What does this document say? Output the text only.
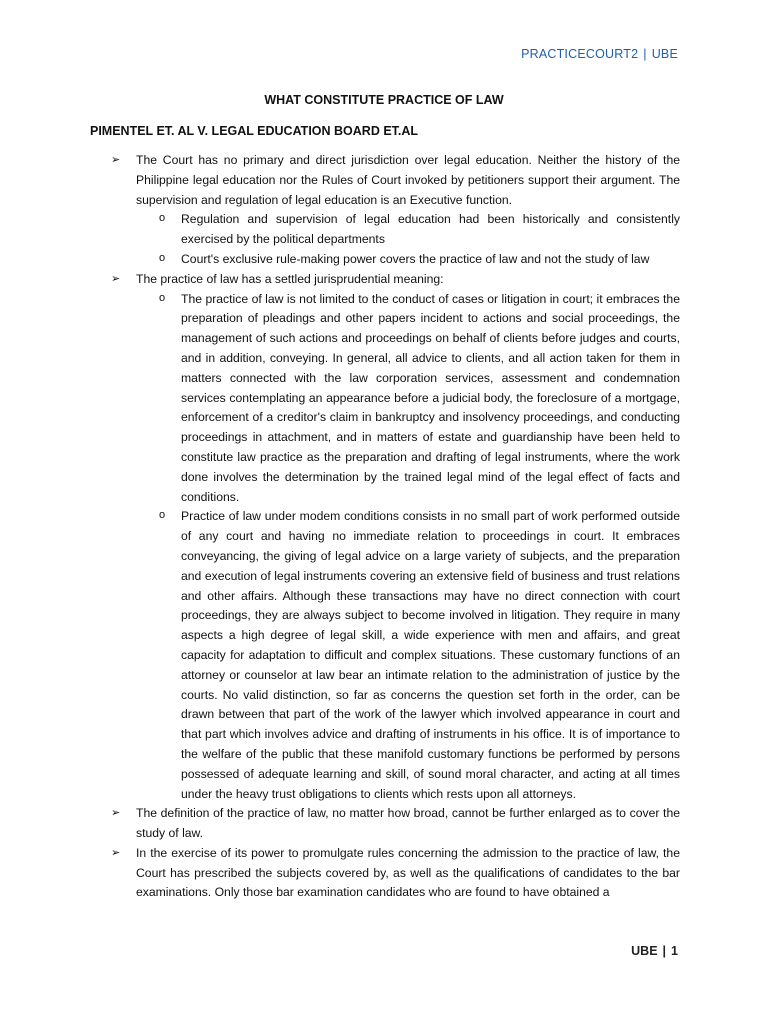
PRACTICECOURT2 | UBE
WHAT CONSTITUTE PRACTICE OF LAW
PIMENTEL ET. AL V. LEGAL EDUCATION BOARD ET.AL
➢ The Court has no primary and direct jurisdiction over legal education. Neither the history of the Philippine legal education nor the Rules of Court invoked by petitioners support their argument. The supervision and regulation of legal education is an Executive function.
o Regulation and supervision of legal education had been historically and consistently exercised by the political departments
o Court's exclusive rule-making power covers the practice of law and not the study of law
➢ The practice of law has a settled jurisprudential meaning:
o The practice of law is not limited to the conduct of cases or litigation in court; it embraces the preparation of pleadings and other papers incident to actions and social proceedings, the management of such actions and proceedings on behalf of clients before judges and courts, and in addition, conveying. In general, all advice to clients, and all action taken for them in matters connected with the law corporation services, assessment and condemnation services contemplating an appearance before a judicial body, the foreclosure of a mortgage, enforcement of a creditor's claim in bankruptcy and insolvency proceedings, and conducting proceedings in attachment, and in matters of estate and guardianship have been held to constitute law practice as the preparation and drafting of legal instruments, where the work done involves the determination by the trained legal mind of the legal effect of facts and conditions.
o Practice of law under modem conditions consists in no small part of work performed outside of any court and having no immediate relation to proceedings in court. It embraces conveyancing, the giving of legal advice on a large variety of subjects, and the preparation and execution of legal instruments covering an extensive field of business and trust relations and other affairs. Although these transactions may have no direct connection with court proceedings, they are always subject to become involved in litigation. They require in many aspects a high degree of legal skill, a wide experience with men and affairs, and great capacity for adaptation to difficult and complex situations. These customary functions of an attorney or counselor at law bear an intimate relation to the administration of justice by the courts. No valid distinction, so far as concerns the question set forth in the order, can be drawn between that part of the work of the lawyer which involved appearance in court and that part which involves advice and drafting of instruments in his office. It is of importance to the welfare of the public that these manifold customary functions be performed by persons possessed of adequate learning and skill, of sound moral character, and acting at all times under the heavy trust obligations to clients which rests upon all attorneys.
➢ The definition of the practice of law, no matter how broad, cannot be further enlarged as to cover the study of law.
➢ In the exercise of its power to promulgate rules concerning the admission to the practice of law, the Court has prescribed the subjects covered by, as well as the qualifications of candidates to the bar examinations. Only those bar examination candidates who are found to have obtained a
UBE | 1
